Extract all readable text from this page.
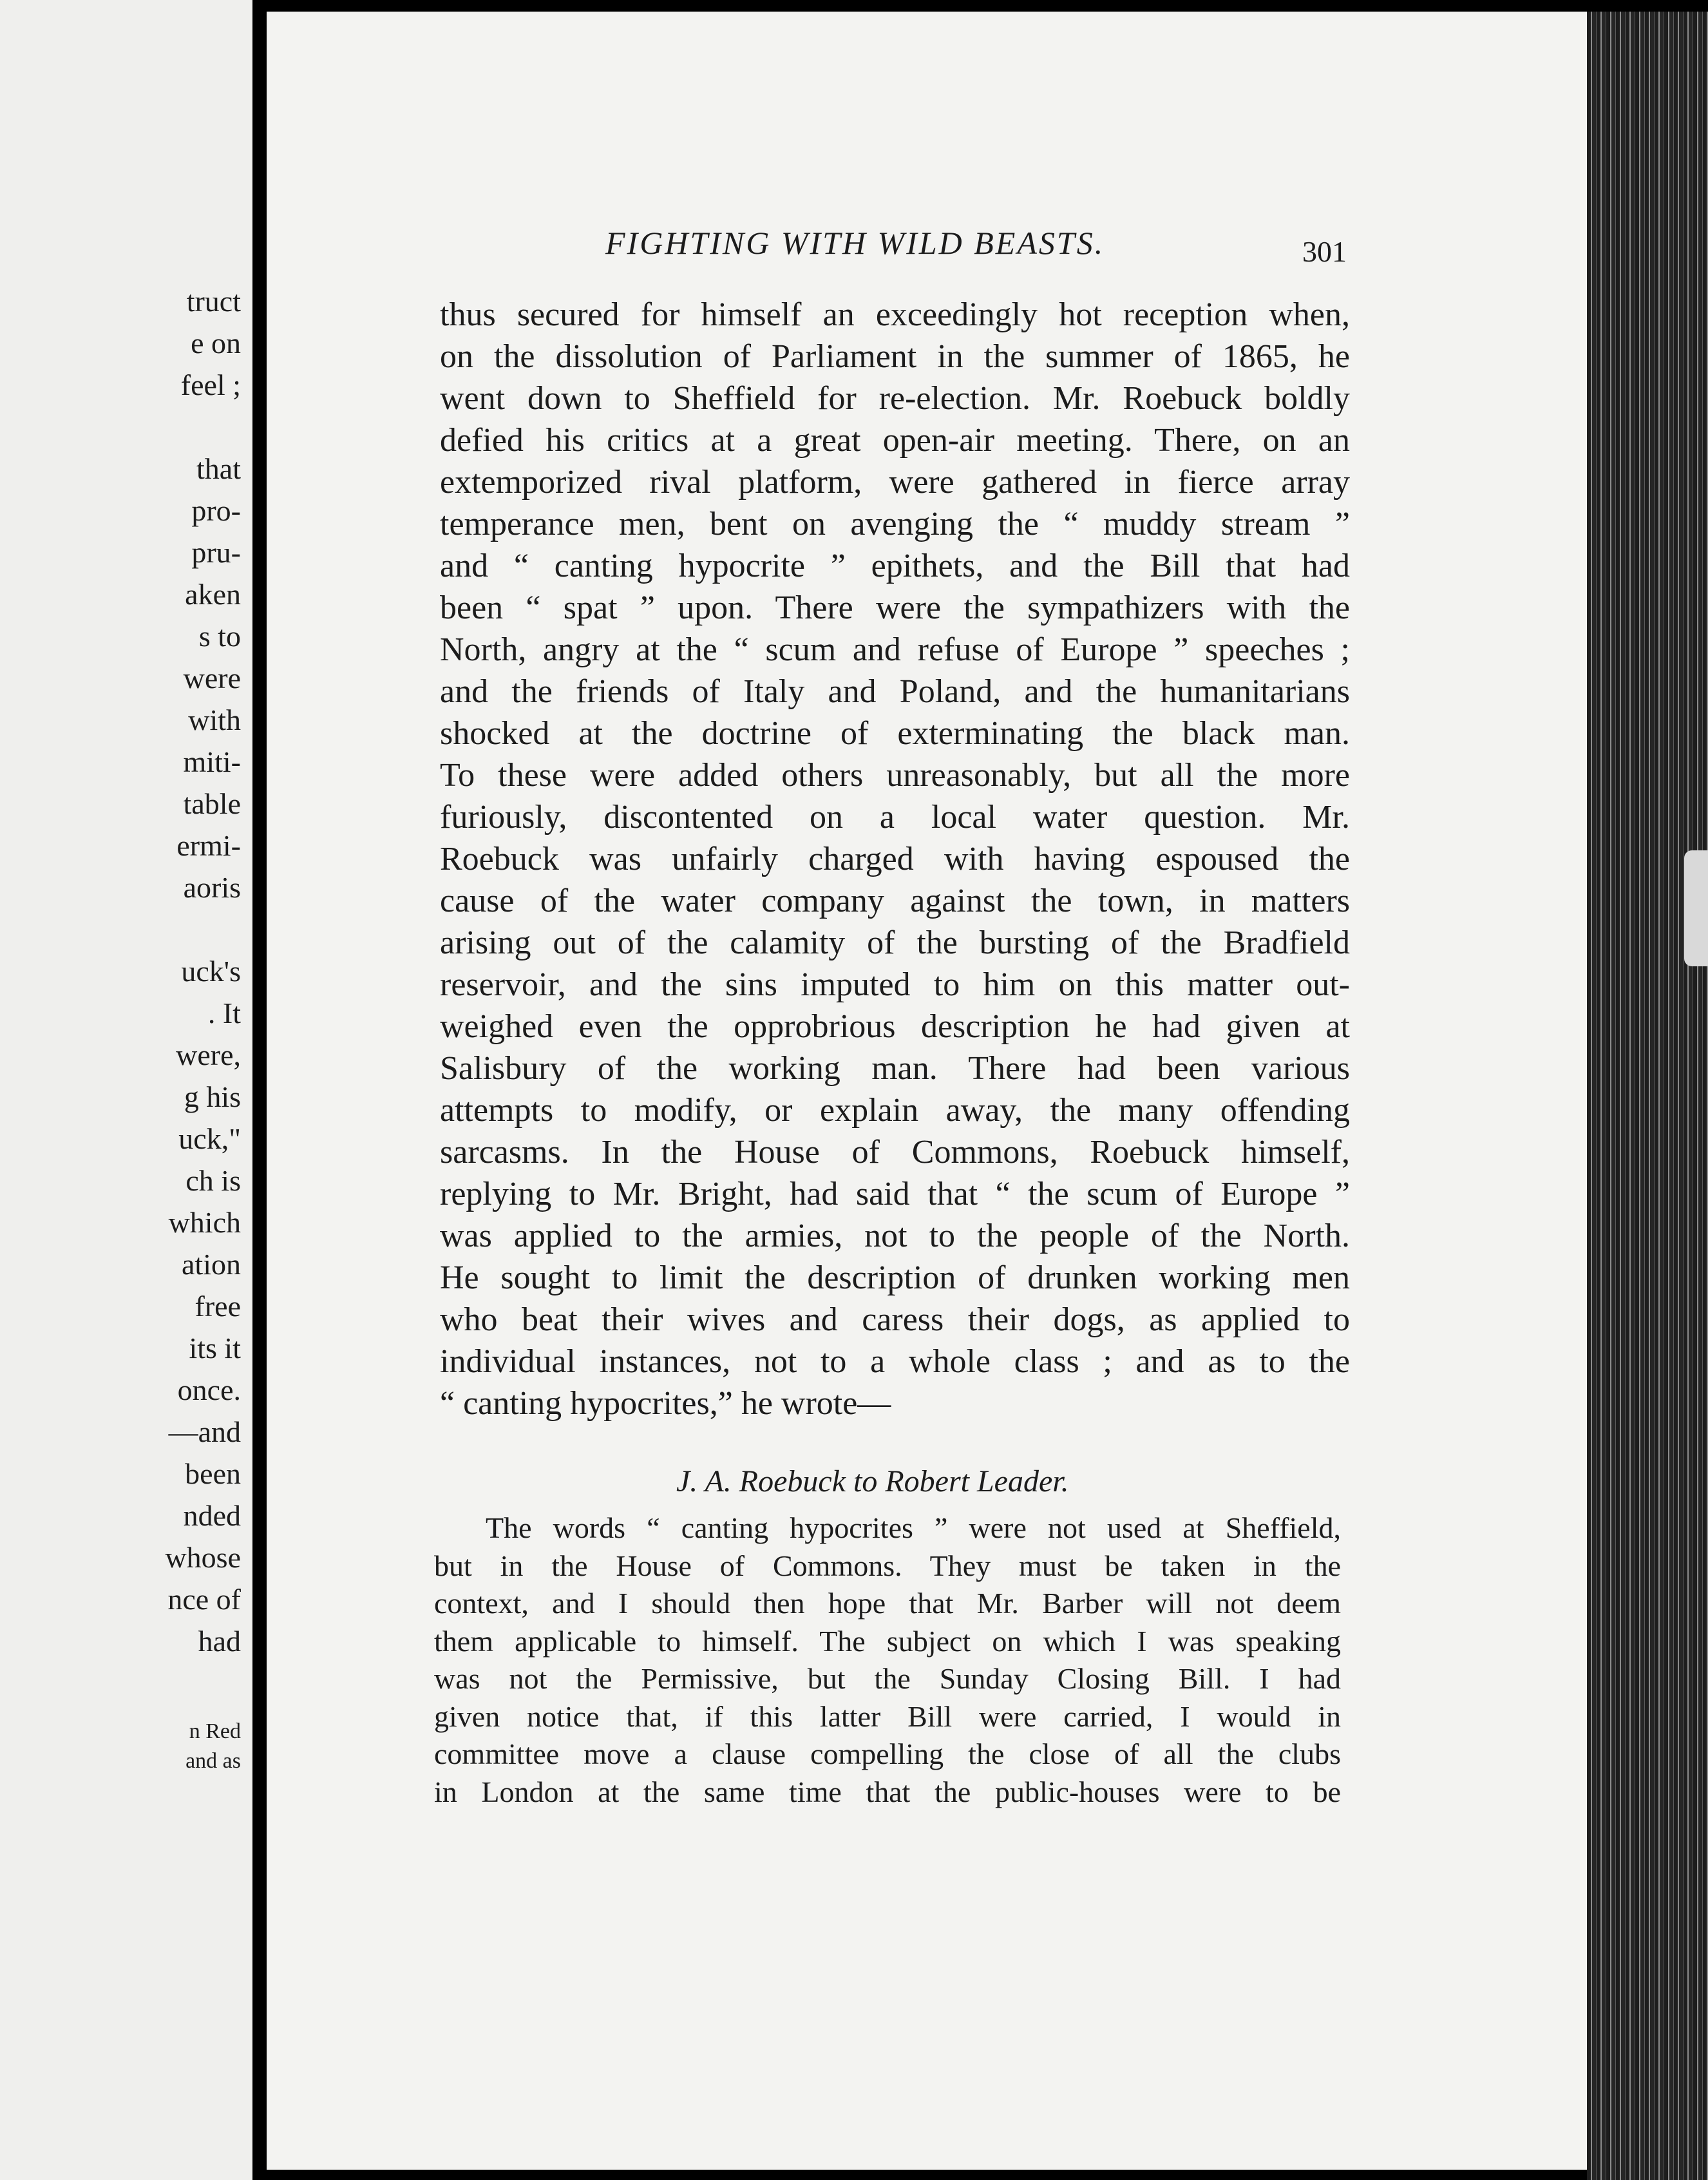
truct
e on
feel ;
that
pro-
pru-
aken
s to
were
with
miti-
table
ermi-
aoris
uck's
. It
were,
g his
uck,"
ch is
which
ation
free
its it
once.
—and
been
nded
whose
nce of
had
n Red
and as
FIGHTING WITH WILD BEASTS.	301
thus secured for himself an exceedingly hot reception when,
on the dissolution of Parliament in the summer of 1865, he
went down to Sheffield for re-election. Mr. Roebuck boldly
defied his critics at a great open-air meeting. There, on an
extemporized rival platform, were gathered in fierce array
temperance men, bent on avenging the “ muddy stream ”
and “ canting hypocrite ” epithets, and the Bill that had
been “ spat ” upon. There were the sympathizers with the
North, angry at the “ scum and refuse of Europe ” speeches ;
and the friends of Italy and Poland, and the humanitarians
shocked at the doctrine of exterminating the black man.
To these were added others unreasonably, but all the more
furiously, discontented on a local water question. Mr.
Roebuck was unfairly charged with having espoused the
cause of the water company against the town, in matters
arising out of the calamity of the bursting of the Bradfield
reservoir, and the sins imputed to him on this matter out-
weighed even the opprobrious description he had given at
Salisbury of the working man. There had been various
attempts to modify, or explain away, the many offending
sarcasms. In the House of Commons, Roebuck himself,
replying to Mr. Bright, had said that “ the scum of Europe ”
was applied to the armies, not to the people of the North.
He sought to limit the description of drunken working men
who beat their wives and caress their dogs, as applied to
individual instances, not to a whole class ; and as to the
“ canting hypocrites,” he wrote—
J. A. Roebuck to Robert Leader.
The words “ canting hypocrites ” were not used at Sheffield,
but in the House of Commons. They must be taken in the
context, and I should then hope that Mr. Barber will not deem
them applicable to himself. The subject on which I was speaking
was not the Permissive, but the Sunday Closing Bill. I had
given notice that, if this latter Bill were carried, I would in
committee move a clause compelling the close of all the clubs
in London at the same time that the public-houses were to be
